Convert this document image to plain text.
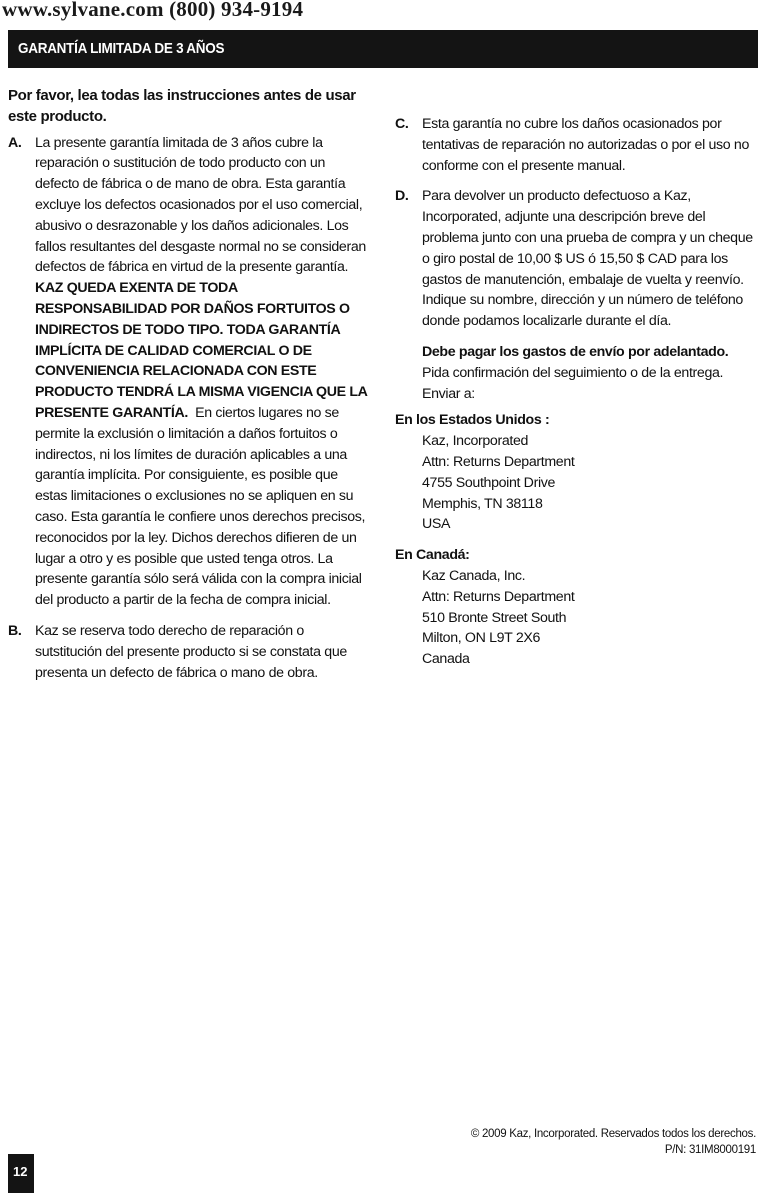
www.sylvane.com (800) 934-9194
GARANTÍA LIMITADA DE 3 AÑOS

Por favor, lea todas las instrucciones antes de usar este producto.

A. La presente garantía limitada de 3 años cubre la reparación o sustitución de todo producto con un defecto de fábrica o de mano de obra. Esta garantía excluye los defectos ocasionados por el uso comercial, abusivo o desrazonable y los daños adicionales. Los fallos resultantes del desgaste normal no se consideran defectos de fábrica en virtud de la presente garantía. KAZ QUEDA EXENTA DE TODA RESPONSABILIDAD POR DAÑOS FORTUITOS O INDIRECTOS DE TODO TIPO. TODA GARANTÍA IMPLÍCITA DE CALIDAD COMERCIAL O DE CONVENIENCIA RELACIONADA CON ESTE PRODUCTO TENDRÁ LA MISMA VIGENCIA QUE LA PRESENTE GARANTÍA. En ciertos lugares no se permite la exclusión o limitación a daños fortuitos o indirectos, ni los límites de duración aplicables a una garantía implícita. Por consiguiente, es posible que estas limitaciones o exclusiones no se apliquen en su caso. Esta garantía le confiere unos derechos precisos, reconocidos por la ley. Dichos derechos difieren de un lugar a otro y es posible que usted tenga otros. La presente garantía sólo será válida con la compra inicial del producto a partir de la fecha de compra inicial.

B. Kaz se reserva todo derecho de reparación o sutstitución del presente producto si se constata que presenta un defecto de fábrica o mano de obra.

C. Esta garantía no cubre los daños ocasionados por tentativas de reparación no autorizadas o por el uso no conforme con el presente manual.

D. Para devolver un producto defectuoso a Kaz, Incorporated, adjunte una descripción breve del problema junto con una prueba de compra y un cheque o giro postal de 10,00 $ US ó 15,50 $ CAD para los gastos de manutención, embalaje de vuelta y reenvío. Indique su nombre, dirección y un número de teléfono donde podamos localizarle durante el día.

Debe pagar los gastos de envío por adelantado.
Pida confirmación del seguimiento o de la entrega.
Enviar a:

En los Estados Unidos :

Kaz, Incorporated
Attn: Returns Department
4755 Southpoint Drive
Memphis, TN 38118
USA

En Canadá:

Kaz Canada, Inc.
Attn: Returns Department
510 Bronte Street South
Milton, ON L9T 2X6
Canada
© 2009 Kaz, Incorporated. Reservados todos los derechos.
P/N: 31IM8000191
12
